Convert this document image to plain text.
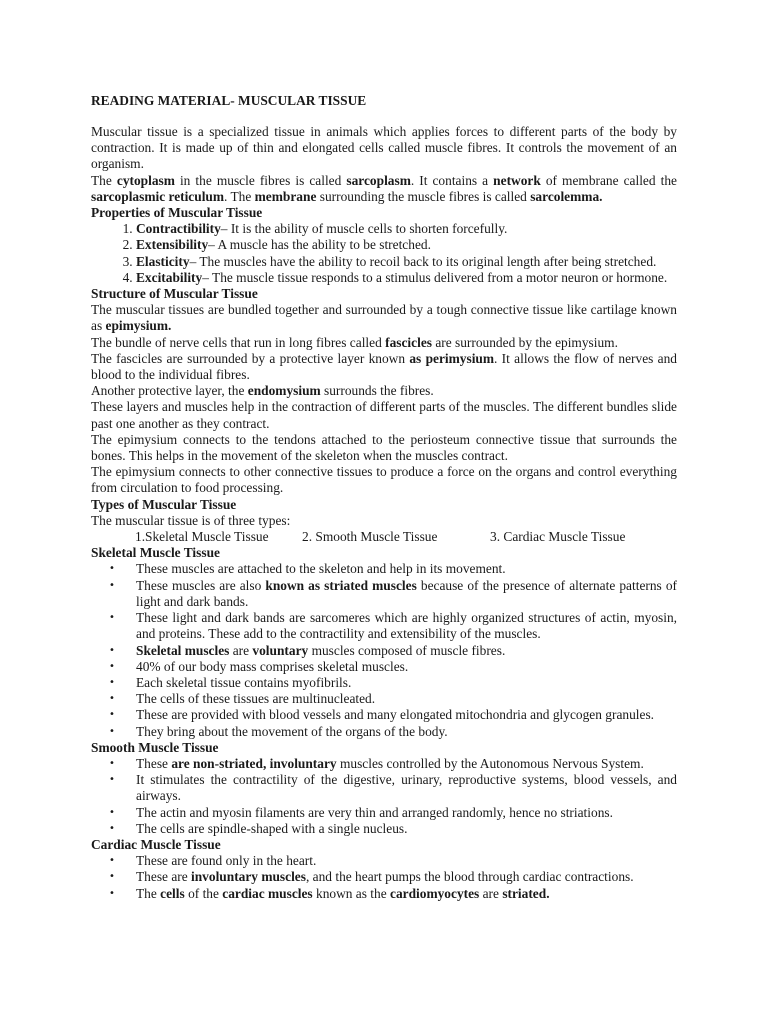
READING MATERIAL- MUSCULAR TISSUE

Muscular tissue is a specialized tissue in animals which applies forces to different parts of the body by contraction. It is made up of thin and elongated cells called muscle fibres. It controls the movement of an organism.

The cytoplasm in the muscle fibres is called sarcoplasm. It contains a network of membrane called the sarcoplasmic reticulum. The membrane surrounding the muscle fibres is called sarcolemma.

Properties of Muscular Tissue
1. Contractibility– It is the ability of muscle cells to shorten forcefully.
2. Extensibility– A muscle has the ability to be stretched.
3. Elasticity– The muscles have the ability to recoil back to its original length after being stretched.
4. Excitability– The muscle tissue responds to a stimulus delivered from a motor neuron or hormone.
Structure of Muscular Tissue

The muscular tissues are bundled together and surrounded by a tough connective tissue like cartilage known as epimysium.

The bundle of nerve cells that run in long fibres called fascicles are surrounded by the epimysium.

The fascicles are surrounded by a protective layer known as perimysium. It allows the flow of nerves and blood to the individual fibres.

Another protective layer, the endomysium surrounds the fibres.

These layers and muscles help in the contraction of different parts of the muscles. The different bundles slide past one another as they contract.

The epimysium connects to the tendons attached to the periosteum connective tissue that surrounds the bones. This helps in the movement of the skeleton when the muscles contract.

The epimysium connects to other connective tissues to produce a force on the organs and control everything from circulation to food processing.

Types of Muscular Tissue

The muscular tissue is of three types:

1.Skeletal Muscle Tissue	2. Smooth Muscle Tissue	3. Cardiac Muscle Tissue
Skeletal Muscle Tissue
• These muscles are attached to the skeleton and help in its movement.
• These muscles are also known as striated muscles because of the presence of alternate patterns of light and dark bands.
• These light and dark bands are sarcomeres which are highly organized structures of actin, myosin, and proteins. These add to the contractility and extensibility of the muscles.
• Skeletal muscles are voluntary muscles composed of muscle fibres.
• 40% of our body mass comprises skeletal muscles.
• Each skeletal tissue contains myofibrils.
• The cells of these tissues are multinucleated.
• These are provided with blood vessels and many elongated mitochondria and glycogen granules.
• They bring about the movement of the organs of the body.
Smooth Muscle Tissue
• These are non-striated, involuntary muscles controlled by the Autonomous Nervous System.
• It stimulates the contractility of the digestive, urinary, reproductive systems, blood vessels, and airways.
• The actin and myosin filaments are very thin and arranged randomly, hence no striations.
• The cells are spindle-shaped with a single nucleus.
Cardiac Muscle Tissue
• These are found only in the heart.
• These are involuntary muscles, and the heart pumps the blood through cardiac contractions.
• The cells of the cardiac muscles known as the cardiomyocytes are striated.
